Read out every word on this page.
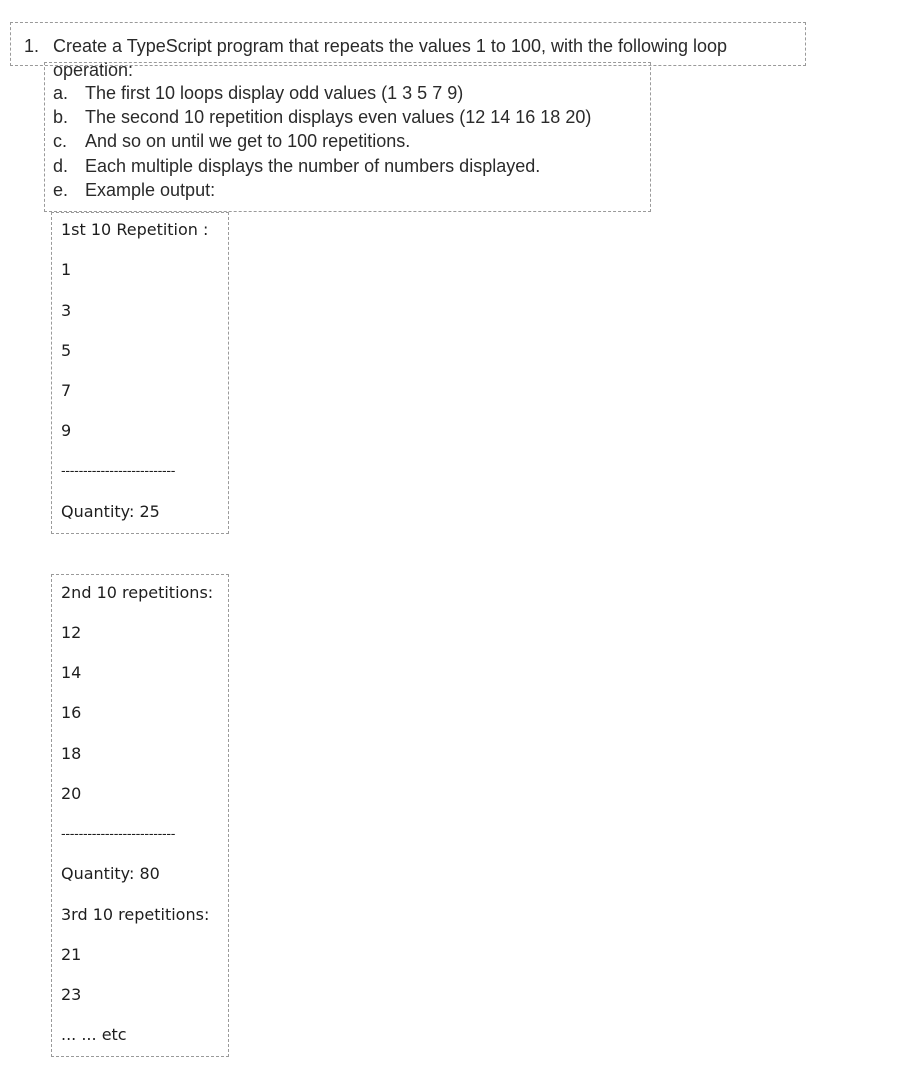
1. Create a TypeScript program that repeats the values 1 to 100, with the following loop
operation:
a. The first 10 loops display odd values (1 3 5 7 9)
b. The second 10 repetition displays even values (12 14 16 18 20)
c. And so on until we get to 100 repetitions.
d. Each multiple displays the number of numbers displayed.
e. Example output:
1st 10 Repetition :
1
3
5
7
9
--------------------------
Quantity: 25
2nd 10 repetitions:
12
14
16
18
20
--------------------------
Quantity: 80
3rd 10 repetitions:
21
23
... ... etc
